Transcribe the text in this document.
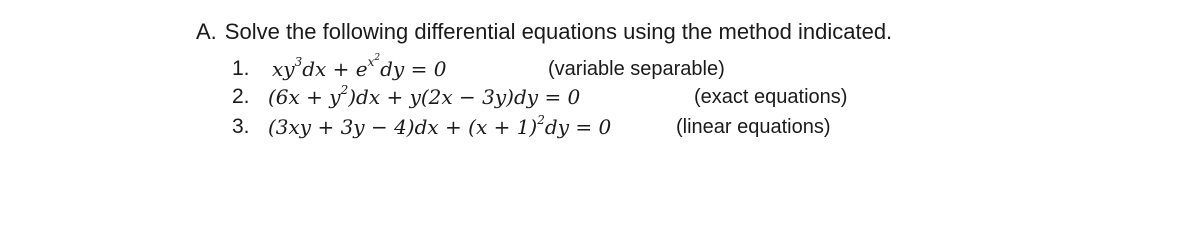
A. Solve the following differential equations using the method indicated.
1. $xy^3dx + e^{x^2}dy = 0$	(variable separable)
2. $(6x + y^2)dx + y(2x - 3y)dy = 0$	(exact equations)
3. $(3xy + 3y - 4)dx + (x + 1)^2dy = 0$	(linear equations)
